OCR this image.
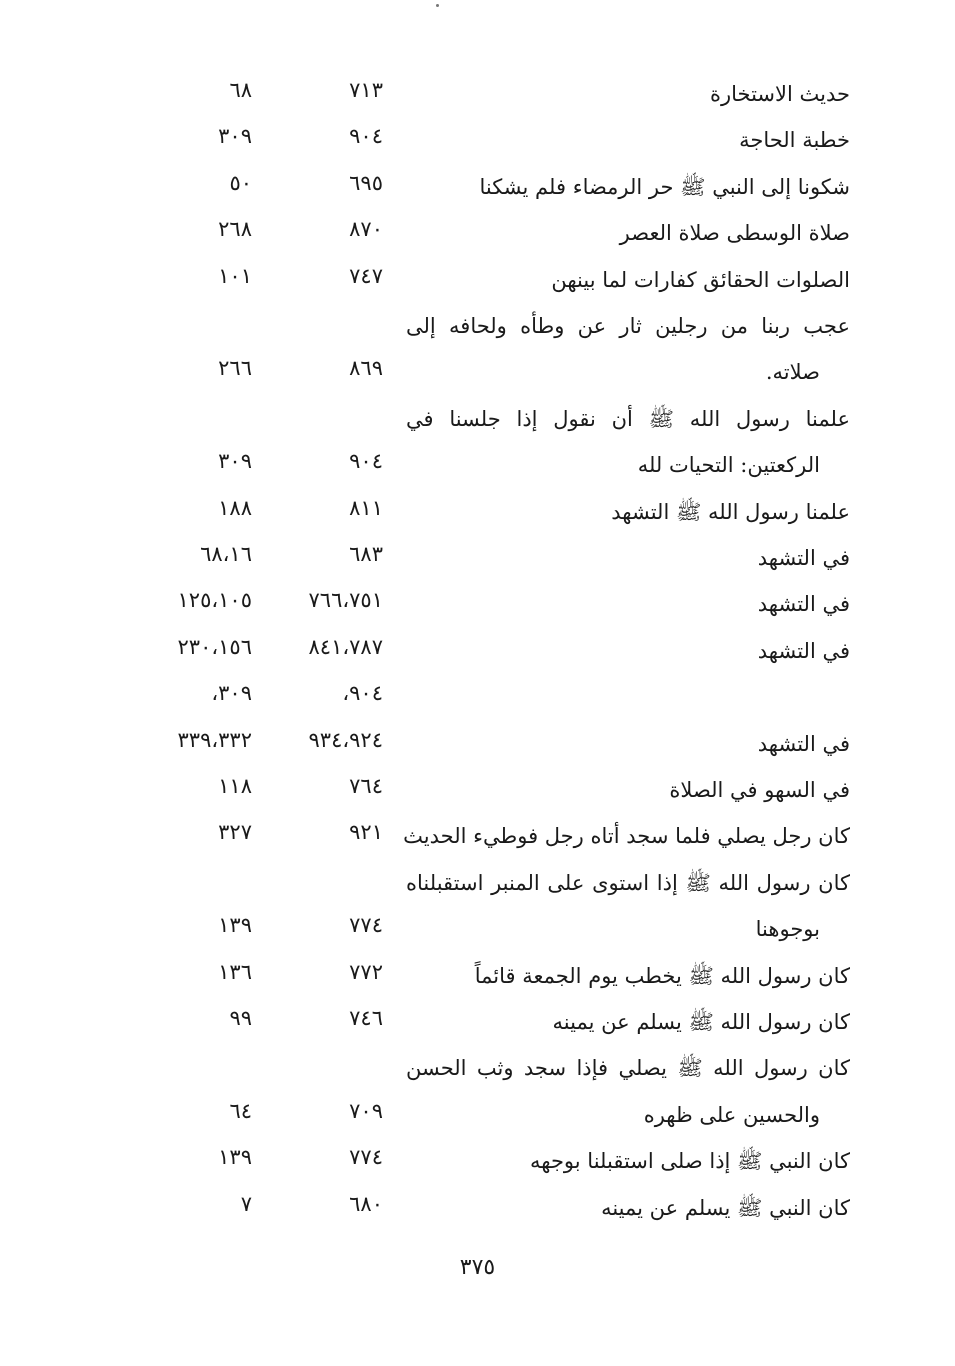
حديث الاستخارة
٧١٣
٦٨
خطبة الحاجة
٩٠٤
٣٠٩
شكونا إلى النبي ﷺ حر الرمضاء فلم يشكنا
٦٩٥
٥٠
صلاة الوسطى صلاة العصر
٨٧٠
٢٦٨
الصلوات الحقائق كفارات لما بينهن
٧٤٧
١٠١
عجب ربنا من رجلين ثار عن وطأه ولحافه إلى
صلاته.
٨٦٩
٢٦٦
علمنا رسول الله ﷺ أن نقول إذا جلسنا في
الركعتين: التحيات لله
٩٠٤
٣٠٩
علمنا رسول الله ﷺ التشهد
٨١١
١٨٨
في التشهد
٦٨٣
٦٨،١٦
في التشهد
٧٦٦،٧٥١
١٢٥،١٠٥
في التشهد
٨٤١،٧٨٧
٢٣٠،١٥٦
٩٠٤،
٣٠٩،
في التشهد
٩٣٤،٩٢٤
٣٣٩،٣٣٢
في السهو في الصلاة
٧٦٤
١١٨
كان رجل يصلي فلما سجد أتاه رجل فوطيء الحديث
٩٢١
٣٢٧
كان رسول الله ﷺ إذا استوى على المنبر استقبلناه
بوجوهنا
٧٧٤
١٣٩
كان رسول الله ﷺ يخطب يوم الجمعة قائماً
٧٧٢
١٣٦
كان رسول الله ﷺ يسلم عن يمينه
٧٤٦
٩٩
كان رسول الله ﷺ يصلي فإذا سجد وثب الحسن
والحسين على ظهره
٧٠٩
٦٤
كان النبي ﷺ إذا صلى استقبلنا بوجهه
٧٧٤
١٣٩
كان النبي ﷺ يسلم عن يمينه
٦٨٠
٧
٣٧٥
